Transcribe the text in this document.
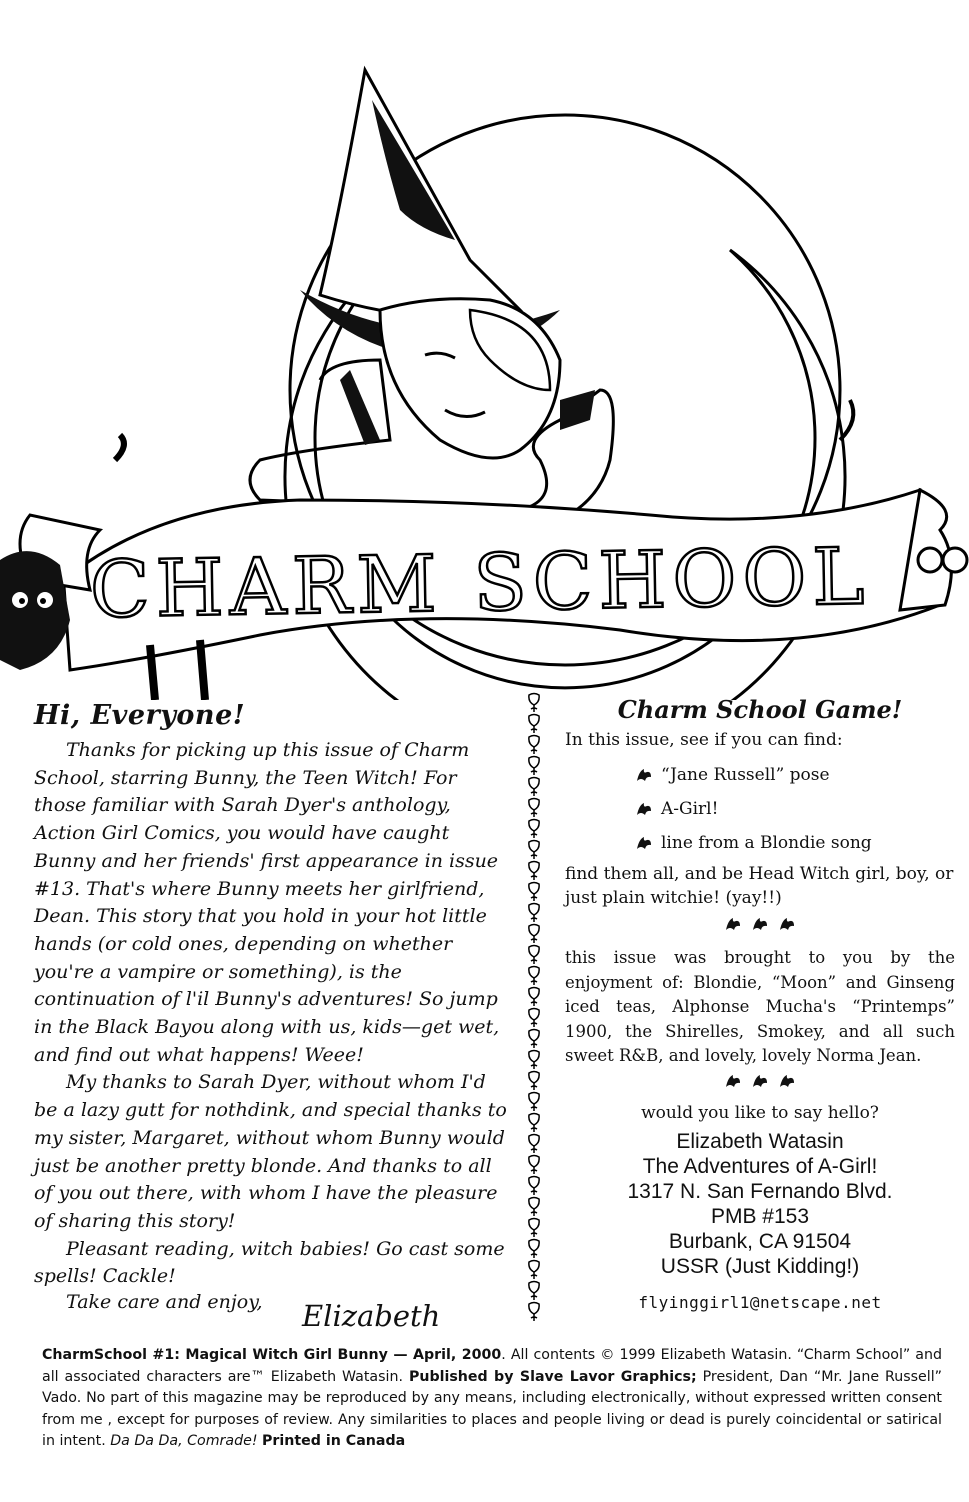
CHARM SCHOOL
Hi, Everyone!

Thanks for picking up this issue of Charm School, starring Bunny, the Teen Witch! For those familiar with Sarah Dyer's anthology, Action Girl Comics, you would have caught Bunny and her friends' first appearance in issue #13. That's where Bunny meets her girlfriend, Dean. This story that you hold in your hot little hands (or cold ones, depending on whether you're a vampire or something), is the continuation of l'il Bunny's adventures! So jump in the Black Bayou along with us, kids—get wet, and find out what happens! Weee!

My thanks to Sarah Dyer, without whom I'd be a lazy gutt for nothdink, and special thanks to my sister, Margaret, without whom Bunny would just be another pretty blonde. And thanks to all of you out there, with whom I have the pleasure of sharing this story!

Pleasant reading, witch babies! Go cast some spells! Cackle!

Take care and enjoy, Elizabeth
Charm School Game!

In this issue, see if you can find:

“Jane Russell” pose
A-Girl!
line from a Blondie song

find them all, and be Head Witch girl, boy, or just plain witchie! (yay!!)

this issue was brought to you by the enjoyment of: Blondie, “Moon” and Ginseng iced teas, Alphonse Mucha's “Printemps” 1900, the Shirelles, Smokey, and all such sweet R&B, and lovely, lovely Norma Jean.

would you like to say hello?

Elizabeth Watasin
The Adventures of A-Girl!
1317 N. San Fernando Blvd.
PMB #153
Burbank, CA 91504
USSR (Just Kidding!)
flyinggirl1@netscape.net
CharmSchool #1: Magical Witch Girl Bunny — April, 2000. All contents © 1999 Elizabeth Watasin. “Charm School” and all associated characters are™ Elizabeth Watasin. Published by Slave Lavor Graphics; President, Dan “Mr. Jane Russell” Vado. No part of this magazine may be reproduced by any means, including electronically, without expressed written consent from me , except for purposes of review. Any similarities to places and people living or dead is purely coincidental or satirical in intent. Da Da Da, Comrade! Printed in Canada
